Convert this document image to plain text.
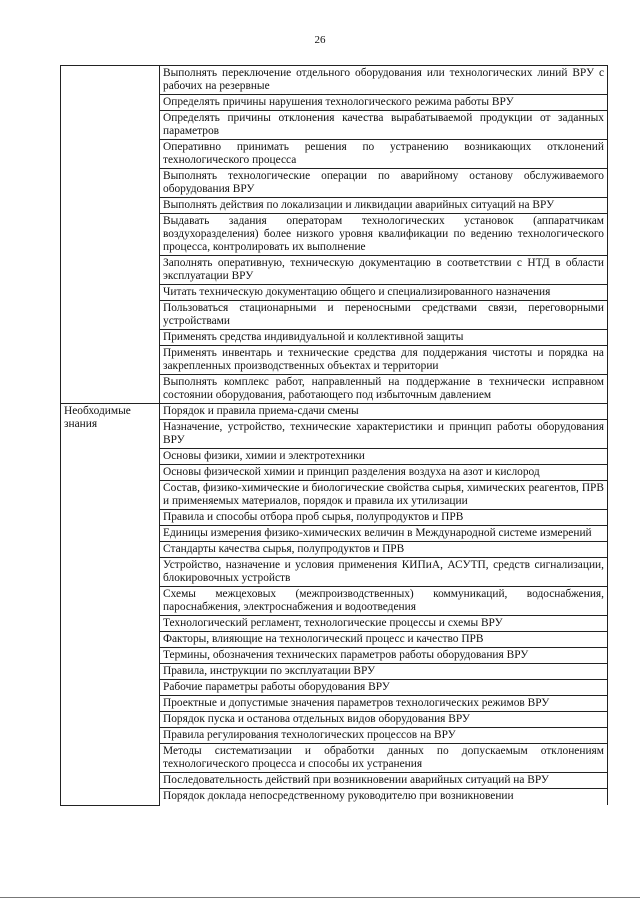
26
	Выполнять переключение отдельного оборудования или технологических линий ВРУ с рабочих на резервные
	Определять причины нарушения технологического режима работы ВРУ
	Определять причины отклонения качества вырабатываемой продукции от заданных параметров
	Оперативно принимать решения по устранению возникающих отклонений технологического процесса
	Выполнять технологические операции по аварийному останову обслуживаемого оборудования ВРУ
	Выполнять действия по локализации и ликвидации аварийных ситуаций на ВРУ
	Выдавать задания операторам технологических установок (аппаратчикам воздухоразделения) более низкого уровня квалификации по ведению технологического процесса, контролировать их выполнение
	Заполнять оперативную, техническую документацию в соответствии с НТД в области эксплуатации ВРУ
	Читать техническую документацию общего и специализированного назначения
	Пользоваться стационарными и переносными средствами связи, переговорными устройствами
	Применять средства индивидуальной и коллективной защиты
	Применять инвентарь и технические средства для поддержания чистоты и порядка на закрепленных производственных объектах и территории
	Выполнять комплекс работ, направленный на поддержание в технически исправном состоянии оборудования, работающего под избыточным давлением
Необходимые знания	Порядок и правила приема-сдачи смены
	Назначение, устройство, технические характеристики и принцип работы оборудования ВРУ
	Основы физики, химии и электротехники
	Основы физической химии и принцип разделения воздуха на азот и кислород
	Состав, физико-химические и биологические свойства сырья, химических реагентов, ПРВ и применяемых материалов, порядок и правила их утилизации
	Правила и способы отбора проб сырья, полупродуктов и ПРВ
	Единицы измерения физико-химических величин в Международной системе измерений
	Стандарты качества сырья, полупродуктов и ПРВ
	Устройство, назначение и условия применения КИПиА, АСУТП, средств сигнализации, блокировочных устройств
	Схемы межцеховых (межпроизводственных) коммуникаций, водоснабжения, пароснабжения, электроснабжения и водоотведения
	Технологический регламент, технологические процессы и схемы ВРУ
	Факторы, влияющие на технологический процесс и качество ПРВ
	Термины, обозначения технических параметров работы оборудования ВРУ
	Правила, инструкции по эксплуатации ВРУ
	Рабочие параметры работы оборудования ВРУ
	Проектные и допустимые значения параметров технологических режимов ВРУ
	Порядок пуска и останова отдельных видов оборудования ВРУ
	Правила регулирования технологических процессов на ВРУ
	Методы систематизации и обработки данных по допускаемым отклонениям технологического процесса и способы их устранения
	Последовательность действий при возникновении аварийных ситуаций на ВРУ
	Порядок доклада непосредственному руководителю при возникновении
